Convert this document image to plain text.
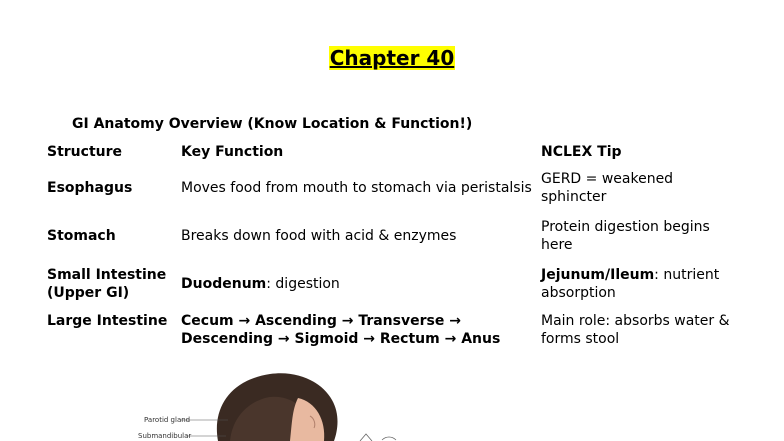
Chapter 40
GI Anatomy Overview (Know Location & Function!)
Structure	Key Function	NCLEX Tip
Esophagus	Moves food from mouth to stomach via peristalsis	GERD = weakened sphincter
Stomach	Breaks down food with acid & enzymes	Protein digestion begins here
Small Intestine (Upper GI)	Duodenum: digestion	Jejunum/Ileum: nutrient absorption
Large Intestine	Cecum → Ascending → Transverse → Descending → Sigmoid → Rectum → Anus	Main role: absorbs water & forms stool
Parotid gland
Submandibular
